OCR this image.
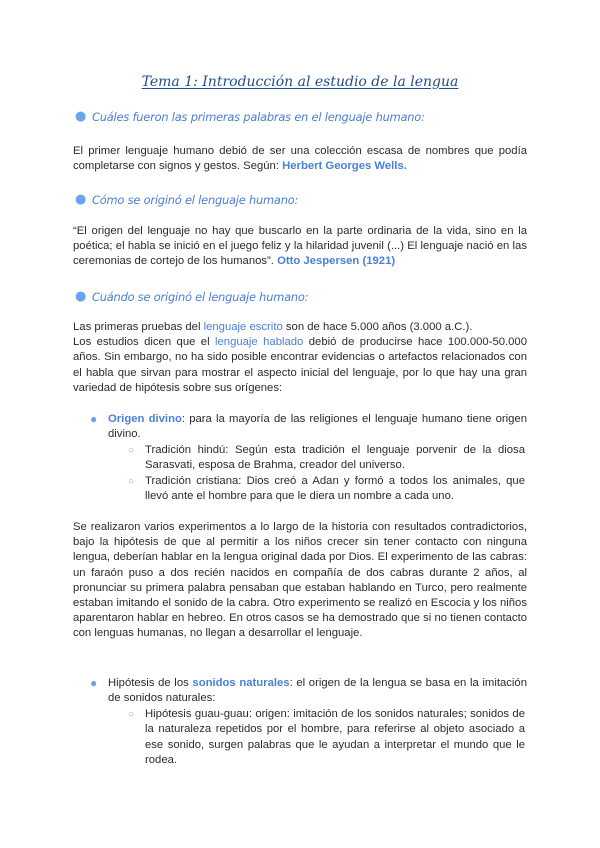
Tema 1: Introducción al estudio de la lengua
● Cuáles fueron las primeras palabras en el lenguaje humano:
El primer lenguaje humano debió de ser una colección escasa de nombres que podía completarse con signos y gestos. Según: Herbert Georges Wells.
● Cómo se originó el lenguaje humano:
“El origen del lenguaje no hay que buscarlo en la parte ordinaria de la vida, sino en la poética; el habla se inició en el juego feliz y la hilaridad juvenil (...) El lenguaje nació en las ceremonias de cortejo de los humanos”. Otto Jespersen (1921)
● Cuándo se originó el lenguaje humano:
Las primeras pruebas del lenguaje escrito son de hace 5.000 años (3.000 a.C.).
Los estudios dicen que el lenguaje hablado debió de producirse hace 100.000-50.000 años. Sin embargo, no ha sido posible encontrar evidencias o artefactos relacionados con el habla que sirvan para mostrar el aspecto inicial del lenguaje, por lo que hay una gran variedad de hipótesis sobre sus orígenes:
● Origen divino: para la mayoría de las religiones el lenguaje humano tiene origen divino.
○ Tradición hindú: Según esta tradición el lenguaje porvenir de la diosa Sarasvati, esposa de Brahma, creador del universo.
○ Tradición cristiana: Dios creó a Adan y formó a todos los animales, que llevó ante el hombre para que le diera un nombre a cada uno.
Se realizaron varios experimentos a lo largo de la historia con resultados contradictorios, bajo la hipótesis de que al permitir a los niños crecer sin tener contacto con ninguna lengua, deberían hablar en la lengua original dada por Dios. El experimento de las cabras: un faraón puso a dos recién nacidos en compañía de dos cabras durante 2 años, al pronunciar su primera palabra pensaban que estaban hablando en Turco, pero realmente estaban imitando el sonido de la cabra. Otro experimento se realizó en Escocia y los niños aparentaron hablar en hebreo. En otros casos se ha demostrado que si no tienen contacto con lenguas humanas, no llegan a desarrollar el lenguaje.
● Hipótesis de los sonidos naturales: el origen de la lengua se basa en la imitación de sonidos naturales:
○ Hipótesis guau-guau: origen: imitación de los sonidos naturales; sonidos de la naturaleza repetidos por el hombre, para referirse al objeto asociado a ese sonido, surgen palabras que le ayudan a interpretar el mundo que le rodea.
